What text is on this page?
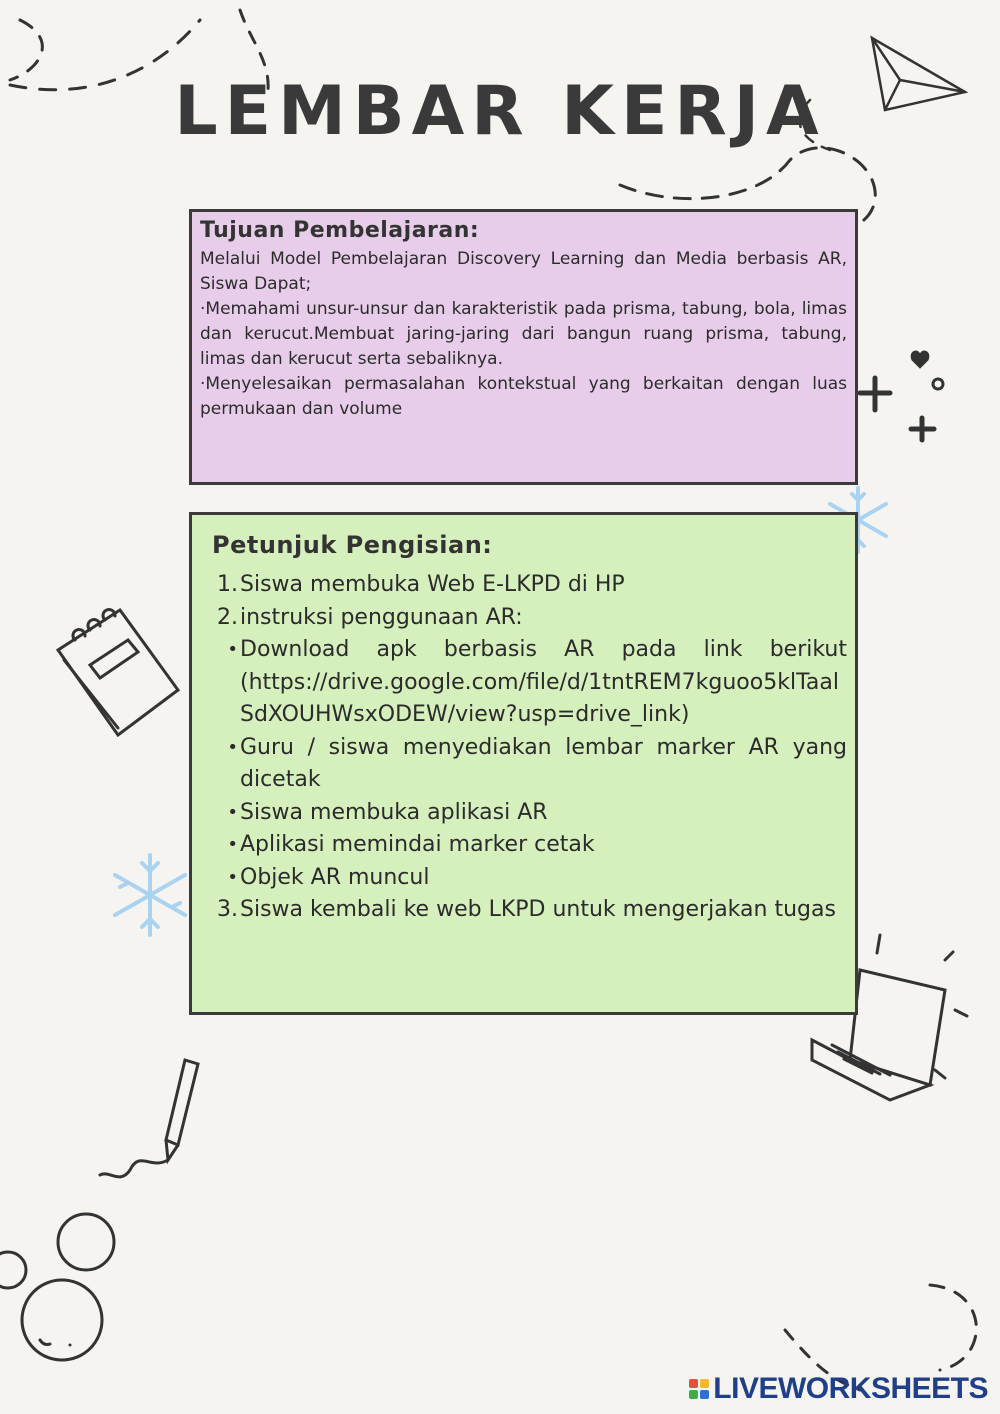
LEMBAR KERJA
Tujuan Pembelajaran:

Melalui Model Pembelajaran Discovery Learning dan Media berbasis AR, Siswa Dapat;

·Memahami unsur-unsur dan karakteristik pada prisma, tabung, bola, limas dan kerucut.Membuat jaring-jaring dari bangun ruang prisma, tabung, limas dan kerucut serta sebaliknya.

·Menyelesaikan permasalahan kontekstual yang berkaitan dengan luas permukaan dan volume

Petunjuk Pengisian:
1. Siswa membuka Web E-LKPD di HP
2. instruksi penggunaan AR:
• Download apk berbasis AR pada link berikut (https://drive.google.com/file/d/1tntREM7kguoo5klTaalSdXOUHWsxODEW/view?usp=drive_link)
• Guru / siswa menyediakan lembar marker AR yang dicetak
• Siswa membuka aplikasi AR
• Aplikasi memindai marker cetak
• Objek AR muncul
3. Siswa kembali ke web LKPD untuk mengerjakan tugas
LIVEWORKSHEETS
